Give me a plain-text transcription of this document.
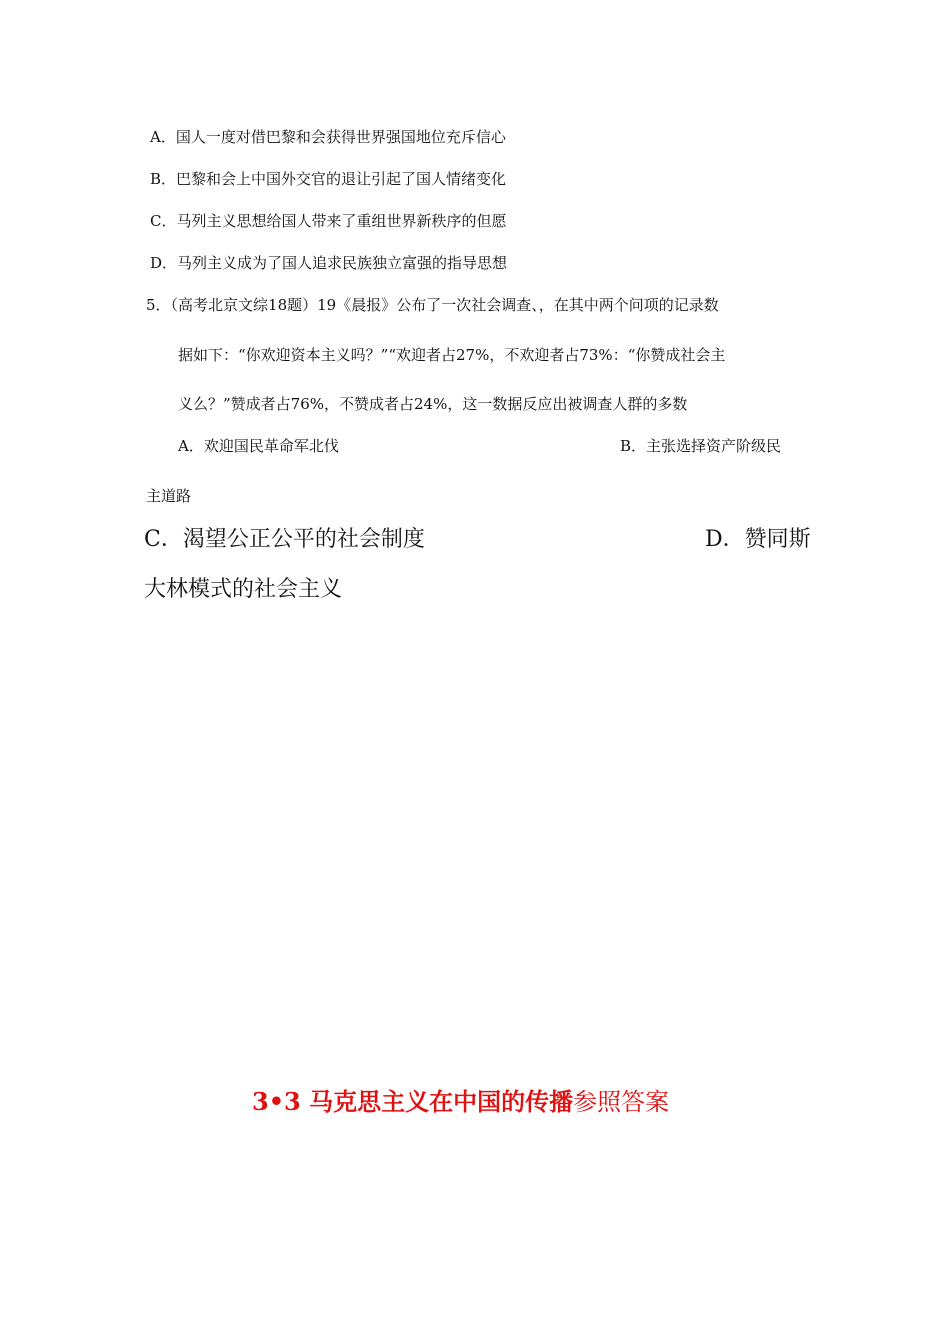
A．国人一度对借巴黎和会获得世界强国地位充斥信心
B．巴黎和会上中国外交官的退让引起了国人情绪变化
C．马列主义思想给国人带来了重组世界新秩序的但愿
D．马列主义成为了国人追求民族独立富强的指导思想
5．（高考北京文综18题）19《晨报》公布了一次社会调查、，在其中两个问项的记录数
据如下：“你欢迎资本主义吗？”“欢迎者占27%，不欢迎者占73%：“你赞成社会主
义么？”赞成者占76%，不赞成者占24%，这一数据反应出被调查人群的多数
A．欢迎国民革命军北伐	B．主张选择资产阶级民
主道路
C．渴望公正公平的社会制度	D．赞同斯
大林模式的社会主义
3•3 马克思主义在中国的传播参照答案
